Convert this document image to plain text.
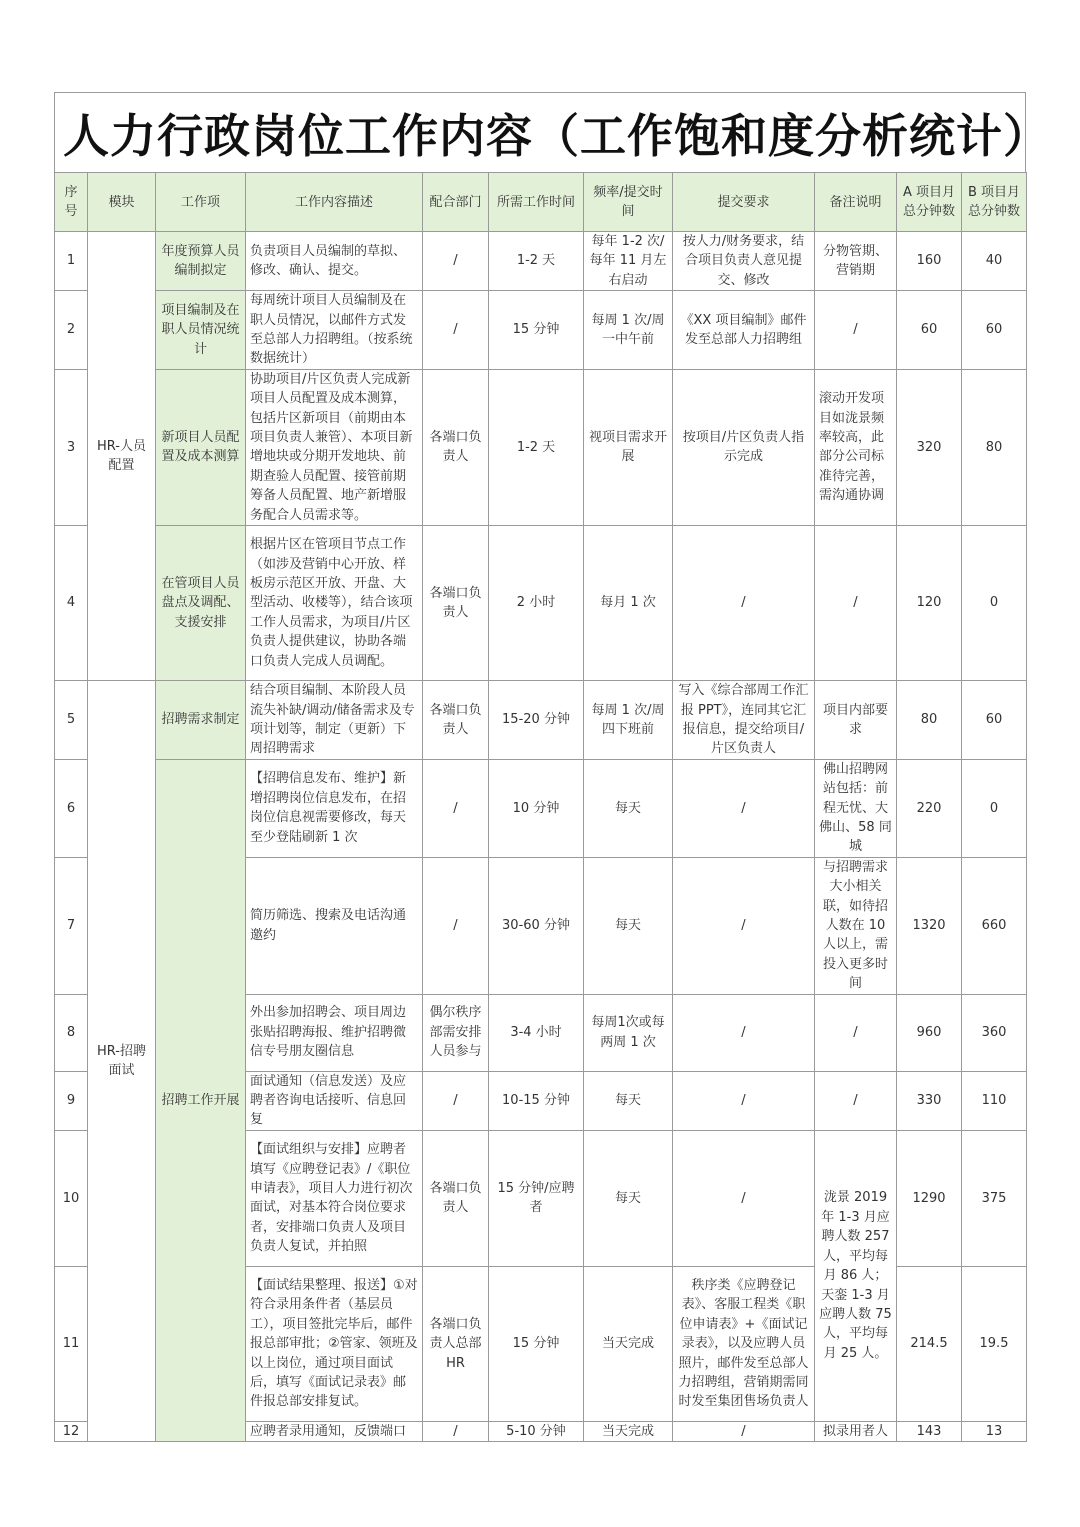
人力行政岗位工作内容（工作饱和度分析统计）
序号	模块	工作项	工作内容描述	配合部门	所需工作时间	频率/提交时间	提交要求	备注说明	A 项目月总分钟数	B 项目月总分钟数
1	HR-人员配置	年度预算人员编制拟定	负责项目人员编制的草拟、修改、确认、提交。	/	1-2 天	每年 1-2 次/每年 11 月左右启动	按人力/财务要求，结合项目负责人意见提交、修改	分物管期、营销期	160	40
2		项目编制及在职人员情况统计	每周统计项目人员编制及在职人员情况，以邮件方式发至总部人力招聘组。（按系统数据统计）	/	15 分钟	每周 1 次/周一中午前	《XX 项目编制》邮件发至总部人力招聘组	/	60	60
3		新项目人员配置及成本测算	协助项目/片区负责人完成新项目人员配置及成本测算，包括片区新项目（前期由本项目负责人兼管）、本项目新增地块或分期开发地块、前期查验人员配置、接管前期筹备人员配置、地产新增服务配合人员需求等。	各端口负责人	1-2 天	视项目需求开展	按项目/片区负责人指示完成	滚动开发项目如泷景频率较高，此部分公司标准待完善，需沟通协调	320	80
4		在管项目人员盘点及调配、支援安排	根据片区在管项目节点工作（如涉及营销中心开放、样板房示范区开放、开盘、大型活动、收楼等），结合该项工作人员需求，为项目/片区负责人提供建议，协助各端口负责人完成人员调配。	各端口负责人	2 小时	每月 1 次	/	/	120	0
5	HR-招聘面试	招聘需求制定	结合项目编制、本阶段人员流失补缺/调动/储备需求及专项计划等，制定（更新）下周招聘需求	各端口负责人	15-20 分钟	每周 1 次/周四下班前	写入《综合部周工作汇报 PPT》，连同其它汇报信息，提交给项目/片区负责人	项目内部要求	80	60
6		招聘工作开展	【招聘信息发布、维护】新增招聘岗位信息发布，在招岗位信息视需要修改，每天至少登陆刷新 1 次	/	10 分钟	每天	/	佛山招聘网站包括：前程无忧、大佛山、58 同城	220	0
7			简历筛选、搜索及电话沟通邀约	/	30-60 分钟	每天	/	与招聘需求大小相关联，如待招人数在 10 人以上，需投入更多时间	1320	660
8			外出参加招聘会、项目周边张贴招聘海报、维护招聘微信专号朋友圈信息	偶尔秩序部需安排人员参与	3-4 小时	每周1次或每两周 1 次	/	/	960	360
9			面试通知（信息发送）及应聘者咨询电话接听、信息回复	/	10-15 分钟	每天	/	/	330	110
10			【面试组织与安排】应聘者填写《应聘登记表》/《职位申请表》，项目人力进行初次面试，对基本符合岗位要求者，安排端口负责人及项目负责人复试，并拍照	各端口负责人	15 分钟/应聘者	每天	/	泷景 2019 年 1-3 月应聘人数 257 人，平均每月 86 人；天銮 1-3 月应聘人数 75 人，平均每月 25 人。	1290	375
11			【面试结果整理、报送】①对符合录用条件者（基层员工），项目签批完毕后，邮件报总部审批；②管家、领班及以上岗位，通过项目面试后，填写《面试记录表》邮件报总部安排复试。	各端口负责人总部 HR	15 分钟	当天完成	秩序类《应聘登记表》、客服工程类《职位申请表》+《面试记录表》，以及应聘人员照片，邮件发至总部人力招聘组，营销期需同时发至集团售场负责人		214.5	19.5
12			应聘者录用通知，反馈端口	/	5-10 分钟	当天完成	/	拟录用者人	143	13
